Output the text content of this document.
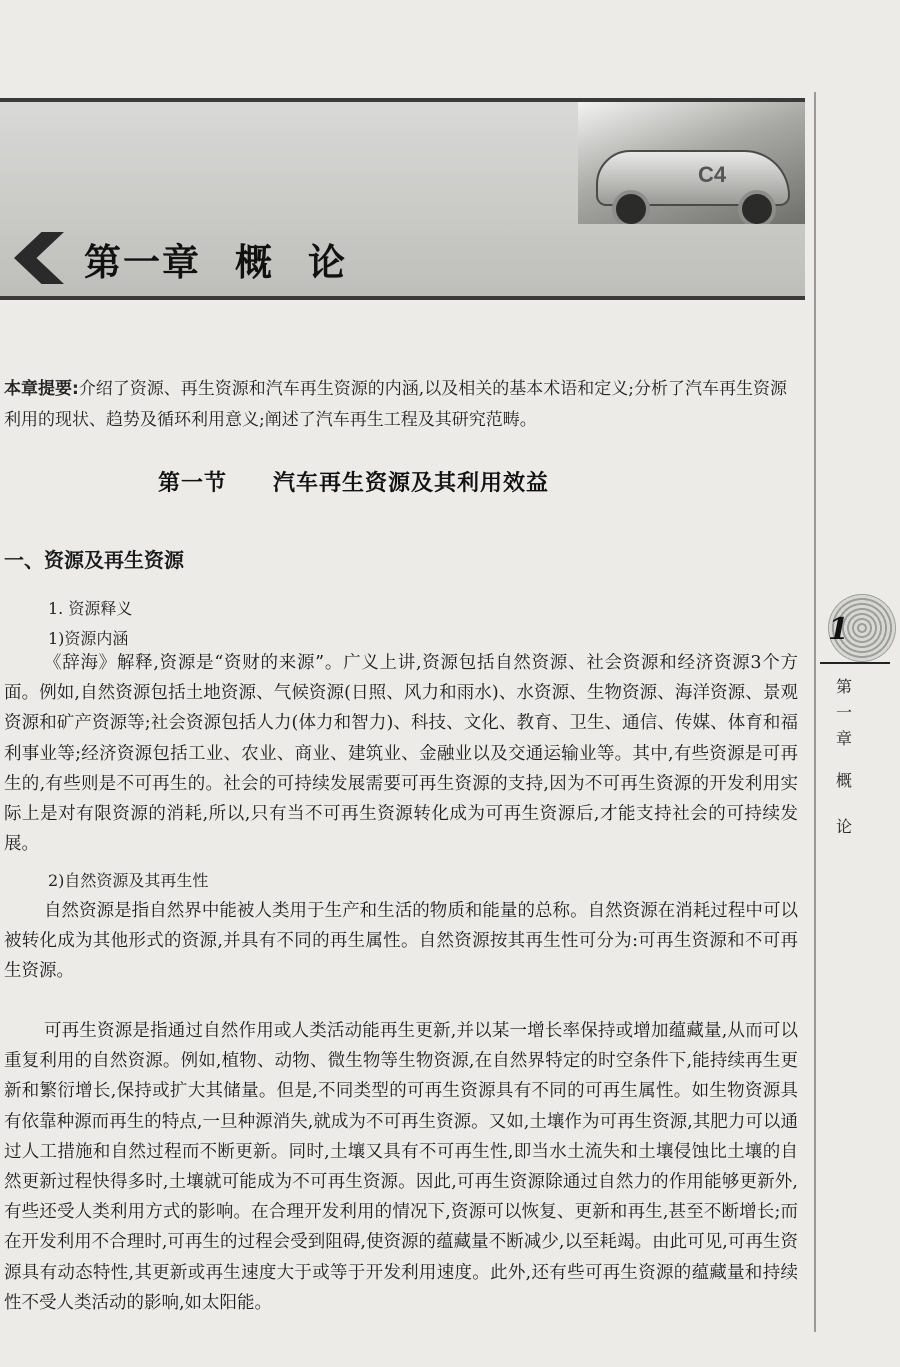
C4
第一章 概 论
本章提要:介绍了资源、再生资源和汽车再生资源的内涵,以及相关的基本术语和定义;分析了汽车再生资源利用的现状、趋势及循环利用意义;阐述了汽车再生工程及其研究范畴。
第一节 汽车再生资源及其利用效益
一、资源及再生资源
1. 资源释义
1)资源内涵

《辞海》解释,资源是“资财的来源”。广义上讲,资源包括自然资源、社会资源和经济资源3个方面。例如,自然资源包括土地资源、气候资源(日照、风力和雨水)、水资源、生物资源、海洋资源、景观资源和矿产资源等;社会资源包括人力(体力和智力)、科技、文化、教育、卫生、通信、传媒、体育和福利事业等;经济资源包括工业、农业、商业、建筑业、金融业以及交通运输业等。其中,有些资源是可再生的,有些则是不可再生的。社会的可持续发展需要可再生资源的支持,因为不可再生资源的开发利用实际上是对有限资源的消耗,所以,只有当不可再生资源转化成为可再生资源后,才能支持社会的可持续发展。

2)自然资源及其再生性

自然资源是指自然界中能被人类用于生产和生活的物质和能量的总称。自然资源在消耗过程中可以被转化成为其他形式的资源,并具有不同的再生属性。自然资源按其再生性可分为:可再生资源和不可再生资源。

可再生资源是指通过自然作用或人类活动能再生更新,并以某一增长率保持或增加蕴藏量,从而可以重复利用的自然资源。例如,植物、动物、微生物等生物资源,在自然界特定的时空条件下,能持续再生更新和繁衍增长,保持或扩大其储量。但是,不同类型的可再生资源具有不同的可再生属性。如生物资源具有依靠种源而再生的特点,一旦种源消失,就成为不可再生资源。又如,土壤作为可再生资源,其肥力可以通过人工措施和自然过程而不断更新。同时,土壤又具有不可再生性,即当水土流失和土壤侵蚀比土壤的自然更新过程快得多时,土壤就可能成为不可再生资源。因此,可再生资源除通过自然力的作用能够更新外,有些还受人类利用方式的影响。在合理开发利用的情况下,资源可以恢复、更新和再生,甚至不断增长;而在开发利用不合理时,可再生的过程会受到阻碍,使资源的蕴藏量不断减少,以至耗竭。由此可见,可再生资源具有动态特性,其更新或再生速度大于或等于开发利用速度。此外,还有些可再生资源的蕴藏量和持续性不受人类活动的影响,如太阳能。

1
第
一
章
概
论
